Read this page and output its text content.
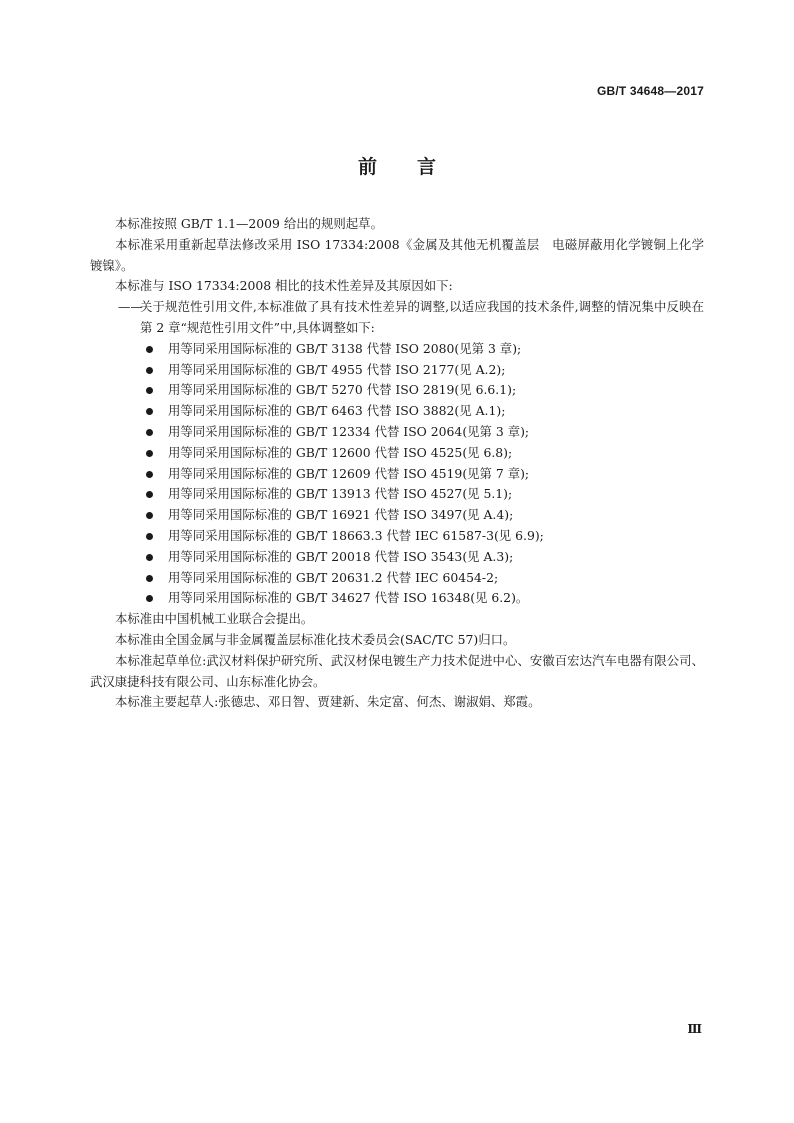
GB/T 34648—2017
前言

本标准按照 GB/T 1.1—2009 给出的规则起草。

本标准采用重新起草法修改采用 ISO 17334:2008《金属及其他无机覆盖层　电磁屏蔽用化学镀铜上化学镀镍》。

本标准与 ISO 17334:2008 相比的技术性差异及其原因如下:

——
关于规范性引用文件,本标准做了具有技术性差异的调整,以适应我国的技术条件,调整的情况集中反映在第 2 章“规范性引用文件”中,具体调整如下:

用等同采用国际标准的 GB/T 3138 代替 ISO 2080(见第 3 章);
用等同采用国际标准的 GB/T 4955 代替 ISO 2177(见 A.2);
用等同采用国际标准的 GB/T 5270 代替 ISO 2819(见 6.6.1);
用等同采用国际标准的 GB/T 6463 代替 ISO 3882(见 A.1);
用等同采用国际标准的 GB/T 12334 代替 ISO 2064(见第 3 章);
用等同采用国际标准的 GB/T 12600 代替 ISO 4525(见 6.8);
用等同采用国际标准的 GB/T 12609 代替 ISO 4519(见第 7 章);
用等同采用国际标准的 GB/T 13913 代替 ISO 4527(见 5.1);
用等同采用国际标准的 GB/T 16921 代替 ISO 3497(见 A.4);
用等同采用国际标准的 GB/T 18663.3 代替 IEC 61587-3(见 6.9);
用等同采用国际标准的 GB/T 20018 代替 ISO 3543(见 A.3);
用等同采用国际标准的 GB/T 20631.2 代替 IEC 60454-2;
用等同采用国际标准的 GB/T 34627 代替 ISO 16348(见 6.2)。

本标准由中国机械工业联合会提出。

本标准由全国金属与非金属覆盖层标准化技术委员会(SAC/TC 57)归口。

本标准起草单位:武汉材料保护研究所、武汉材保电镀生产力技术促进中心、安徽百宏达汽车电器有限公司、武汉康捷科技有限公司、山东标准化协会。

本标准主要起草人:张德忠、邓日智、贾建新、朱定富、何杰、谢淑娟、郑霞。

Ⅲ
